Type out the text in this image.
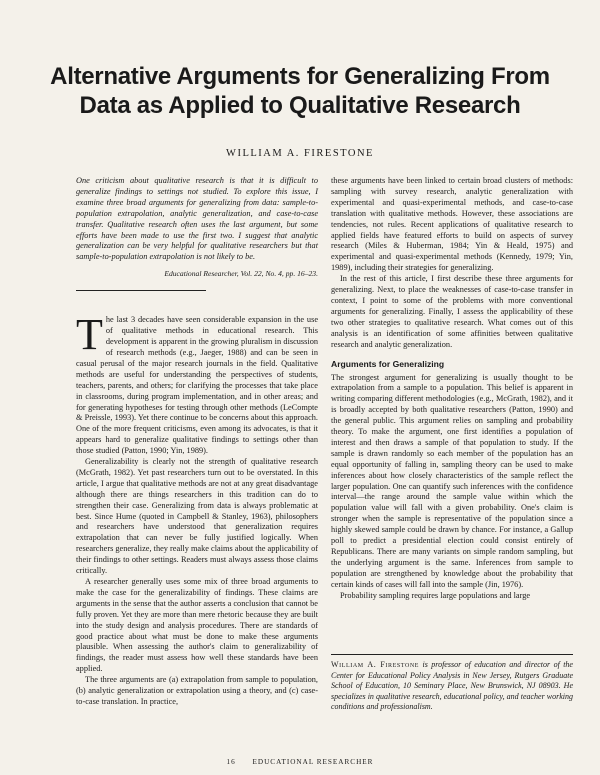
Alternative Arguments for Generalizing From Data as Applied to Qualitative Research
WILLIAM A. FIRESTONE

One criticism about qualitative research is that it is difficult to generalize findings to settings not studied. To explore this issue, I examine three broad arguments for generalizing from data: sample-to-population extrapolation, analytic generalization, and case-to-case transfer. Qualitative research often uses the last argument, but some efforts have been made to use the first two. I suggest that analytic generalization can be very helpful for qualitative researchers but that sample-to-population extrapolation is not likely to be.

Educational Researcher, Vol. 22, No. 4, pp. 16–23.

The last 3 decades have seen considerable expansion in the use of qualitative methods in educational research. This development is apparent in the growing pluralism in discussion of research methods (e.g., Jaeger, 1988) and can be seen in casual perusal of the major research journals in the field. Qualitative methods are useful for understanding the perspectives of students, teachers, parents, and others; for clarifying the processes that take place in classrooms, during program implementation, and in other areas; and for generating hypotheses for testing through other methods (LeCompte & Preissle, 1993). Yet there continue to be concerns about this approach. One of the more frequent criticisms, even among its advocates, is that it appears hard to generalize qualitative findings to settings other than those studied (Patton, 1990; Yin, 1989).

Generalizability is clearly not the strength of qualitative research (McGrath, 1982). Yet past researchers turn out to be overstated. In this article, I argue that qualitative methods are not at any great disadvantage although there are things researchers in this tradition can do to strengthen their case. Generalizing from data is always problematic at best. Since Hume (quoted in Campbell & Stanley, 1963), philosophers and researchers have understood that generalization requires extrapolation that can never be fully justified logically. When researchers generalize, they really make claims about the applicability of their findings to other settings. Readers must always assess those claims critically.

A researcher generally uses some mix of three broad arguments to make the case for the generalizability of findings. These claims are arguments in the sense that the author asserts a conclusion that cannot be fully proven. Yet they are more than mere rhetoric because they are built into the study design and analysis procedures. There are standards of good practice about what must be done to make these arguments plausible. When assessing the author's claim to generalizability of findings, the reader must assess how well these standards have been applied.

The three arguments are (a) extrapolation from sample to population, (b) analytic generalization or extrapolation using a theory, and (c) case-to-case translation. In practice,

these arguments have been linked to certain broad clusters of methods: sampling with survey research, analytic generalization with experimental and quasi-experimental methods, and case-to-case translation with qualitative methods. However, these associations are tendencies, not rules. Recent applications of qualitative research to applied fields have featured efforts to build on aspects of survey research (Miles & Huberman, 1984; Yin & Heald, 1975) and experimental and quasi-experimental methods (Kennedy, 1979; Yin, 1989), including their strategies for generalizing.

In the rest of this article, I first describe these three arguments for generalizing. Next, to place the weaknesses of case-to-case transfer in context, I point to some of the problems with more conventional arguments for generalizing. Finally, I assess the applicability of these two other strategies to qualitative research. What comes out of this analysis is an identification of some affinities between qualitative research and analytic generalization.

Arguments for Generalizing

The strongest argument for generalizing is usually thought to be extrapolation from a sample to a population. This belief is apparent in writing comparing different methodologies (e.g., McGrath, 1982), and it is broadly accepted by both qualitative researchers (Patton, 1990) and the general public. This argument relies on sampling and probability theory. To make the argument, one first identifies a population of interest and then draws a sample of that population to study. If the sample is drawn randomly so each member of the population has an equal opportunity of falling in, sampling theory can be used to make inferences about how closely characteristics of the sample reflect the larger population. One can quantify such inferences with the confidence interval—the range around the sample value within which the population value will fall with a given probability. One's claim is stronger when the sample is representative of the population since a highly skewed sample could be drawn by chance. For instance, a Gallup poll to predict a presidential election could consist entirely of Republicans. There are many variants on simple random sampling, but the underlying argument is the same. Inferences from sample to population are strengthened by knowledge about the probability that certain kinds of cases will fall into the sample (Jin, 1976).

Probability sampling requires large populations and large

William A. Firestone is professor of education and director of the Center for Educational Policy Analysis in New Jersey, Rutgers Graduate School of Education, 10 Seminary Place, New Brunswick, NJ 08903. He specializes in qualitative research, educational policy, and teacher working conditions and professionalism.

16 EDUCATIONAL RESEARCHER
